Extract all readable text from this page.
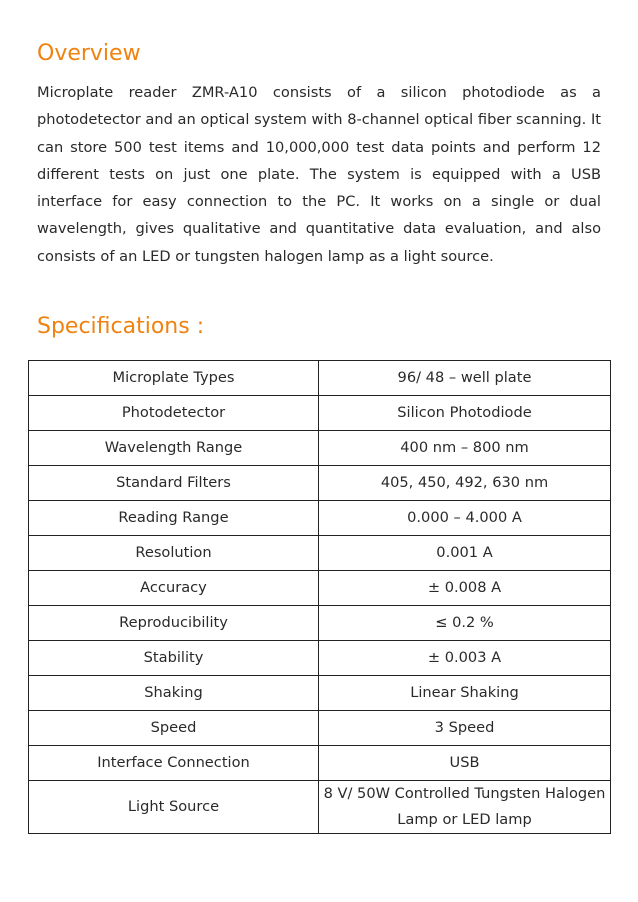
Overview

Microplate reader ZMR-A10 consists of a silicon photodiode as a photodetector and an optical system with 8-channel optical fiber scanning. It can store 500 test items and 10,000,000 test data points and perform 12 different tests on just one plate. The system is equipped with a USB interface for easy connection to the PC. It works on a single or dual wavelength, gives qualitative and quantitative data evaluation, and also consists of an LED or tungsten halogen lamp as a light source.

Specifications :
Microplate Types	96/ 48 – well plate
Photodetector	Silicon Photodiode
Wavelength Range	400 nm – 800 nm
Standard Filters	405, 450, 492, 630 nm
Reading Range	0.000 – 4.000 A
Resolution	0.001 A
Accuracy	± 0.008 A
Reproducibility	≤ 0.2 %
Stability	± 0.003 A
Shaking	Linear Shaking
Speed	3 Speed
Interface Connection	USB
Light Source	8 V/ 50W Controlled Tungsten Halogen Lamp or LED lamp
